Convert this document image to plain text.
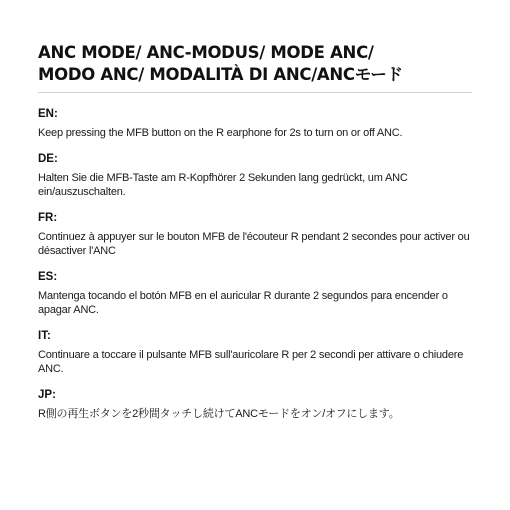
ANC MODE/ ANC-MODUS/ MODE ANC/
MODO ANC/ MODALITÀ DI ANC/ANCモード

EN:

Keep pressing the MFB button on the R earphone for 2s to turn on or off ANC.

DE:

Halten Sie die MFB-Taste am R-Kopfhörer 2 Sekunden lang gedrückt, um ANC ein/auszuschalten.

FR:

Continuez à appuyer sur le bouton MFB de l'écouteur R pendant 2 secondes pour activer ou désactiver l'ANC

ES:

Mantenga tocando el botón MFB en el auricular R durante 2 segundos para encender o apagar ANC.

IT:

Continuare a toccare il pulsante MFB sull'auricolare R per 2 secondi per attivare o chiudere ANC.

JP:

R側の再生ボタンを2秒間タッチし続けてANCモードをオン/オフにします。
